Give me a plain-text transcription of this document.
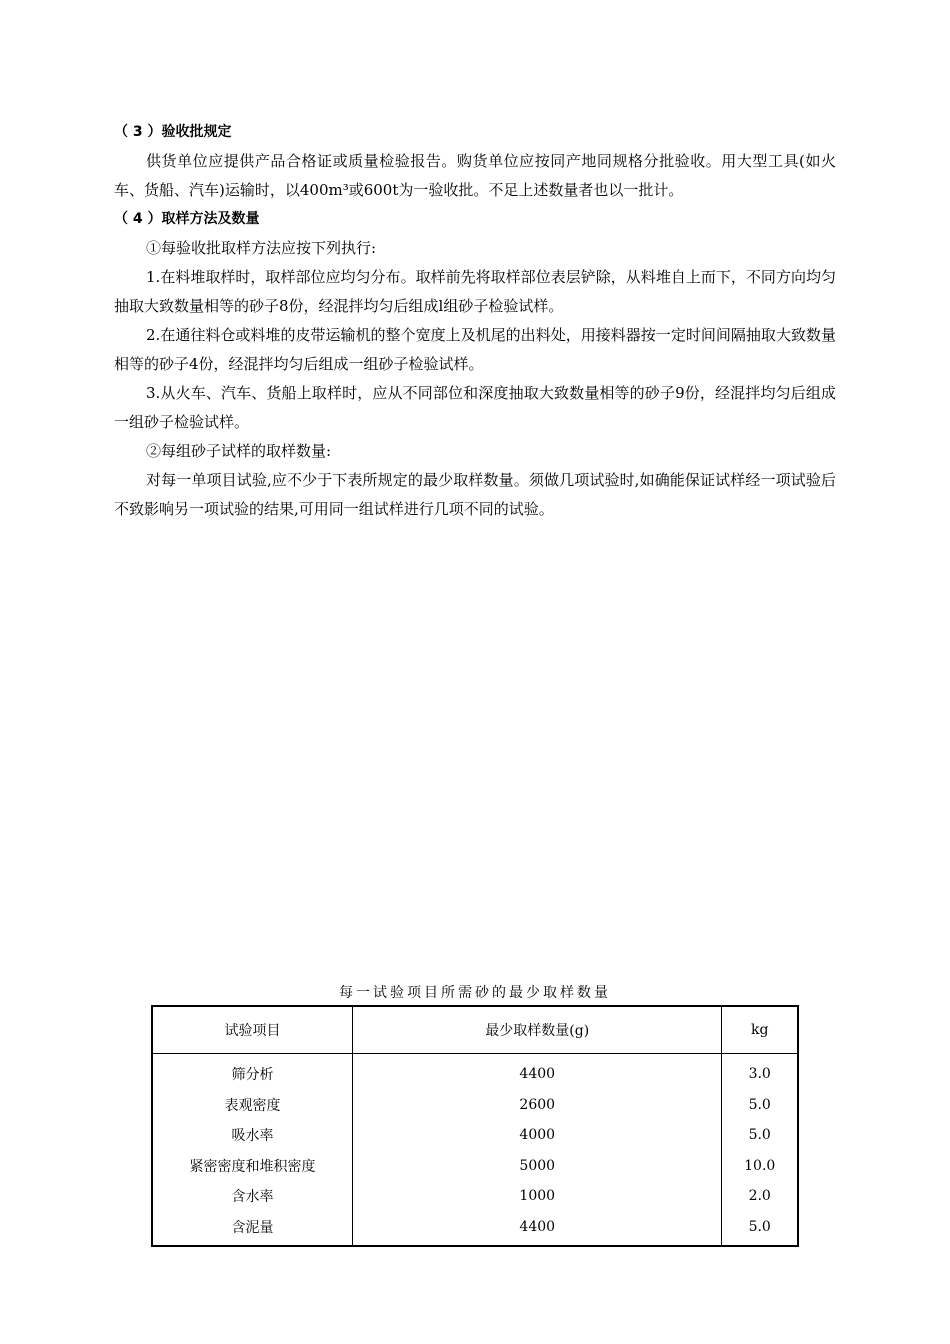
（ 3 ）验收批规定
供货单位应提供产品合格证或质量检验报告。购货单位应按同产地同规格分批验收。用大型工具(如火车、货船、汽车)运输时，以400m³或600t为一验收批。不足上述数量者也以一批计。
（ 4 ）取样方法及数量
①每验收批取样方法应按下列执行:
1.在料堆取样时，取样部位应均匀分布。取样前先将取样部位表层铲除，从料堆自上而下，不同方向均匀抽取大致数量相等的砂子8份，经混拌均匀后组成l组砂子检验试样。
2.在通往料仓或料堆的皮带运输机的整个宽度上及机尾的出料处，用接料器按一定时间间隔抽取大致数量相等的砂子4份，经混拌均匀后组成一组砂子检验试样。
3.从火车、汽车、货船上取样时，应从不同部位和深度抽取大致数量相等的砂子9份，经混拌均匀后组成一组砂子检验试样。
②每组砂子试样的取样数量:
对每一单项目试验,应不少于下表所规定的最少取样数量。须做几项试验时,如确能保证试样经一项试验后不致影响另一项试验的结果,可用同一组试样进行几项不同的试验。
每一试验项目所需砂的最少取样数量
试验项目	最少取样数量(g)	kg
筛分析	4400	3.0
表观密度	2600	5.0
吸水率	4000	5.0
紧密密度和堆积密度	5000	10.0
含水率	1000	2.0
含泥量	4400	5.0
